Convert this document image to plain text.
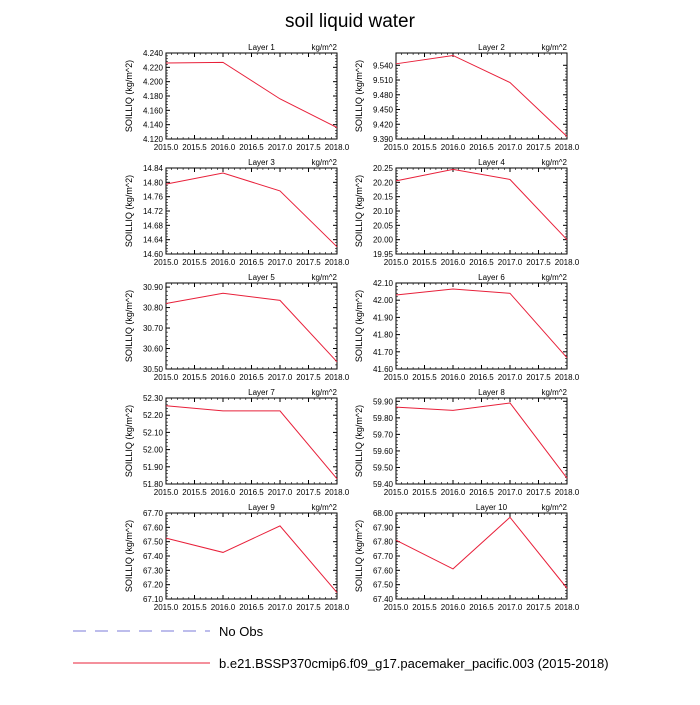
soil liquid water
Layer 1	kg/m^2
2015.0 2015.5 2016.0 2016.5 2017.0 2017.5 2018.0
4.120
4.140
4.160
4.180
4.200
4.220
4.240
SOILLIQ (kg/m^2)
Layer 2	kg/m^2
2015.0 2015.5 2016.0 2016.5 2017.0 2017.5 2018.0
9.390
9.420
9.450
9.480
9.510
9.540
SOILLIQ (kg/m^2)
Layer 3	kg/m^2
2015.0 2015.5 2016.0 2016.5 2017.0 2017.5 2018.0
14.60
14.64
14.68
14.72
14.76
14.80
14.84
SOILLIQ (kg/m^2)
Layer 4	kg/m^2
2015.0 2015.5 2016.0 2016.5 2017.0 2017.5 2018.0
19.95
20.00
20.05
20.10
20.15
20.20
20.25
SOILLIQ (kg/m^2)
Layer 5	kg/m^2
2015.0 2015.5 2016.0 2016.5 2017.0 2017.5 2018.0
30.50
30.60
30.70
30.80
30.90
SOILLIQ (kg/m^2)
Layer 6	kg/m^2
2015.0 2015.5 2016.0 2016.5 2017.0 2017.5 2018.0
41.60
41.70
41.80
41.90
42.00
42.10
SOILLIQ (kg/m^2)
Layer 7	kg/m^2
2015.0 2015.5 2016.0 2016.5 2017.0 2017.5 2018.0
51.80
51.90
52.00
52.10
52.20
52.30
SOILLIQ (kg/m^2)
Layer 8	kg/m^2
2015.0 2015.5 2016.0 2016.5 2017.0 2017.5 2018.0
59.40
59.50
59.60
59.70
59.80
59.90
SOILLIQ (kg/m^2)
Layer 9	kg/m^2
2015.0 2015.5 2016.0 2016.5 2017.0 2017.5 2018.0
67.10
67.20
67.30
67.40
67.50
67.60
67.70
SOILLIQ (kg/m^2)
Layer 10	kg/m^2
2015.0 2015.5 2016.0 2016.5 2017.0 2017.5 2018.0
67.40
67.50
67.60
67.70
67.80
67.90
68.00
SOILLIQ (kg/m^2)
No Obs
b.e21.BSSP370cmip6.f09_g17.pacemaker_pacific.003 (2015-2018)
